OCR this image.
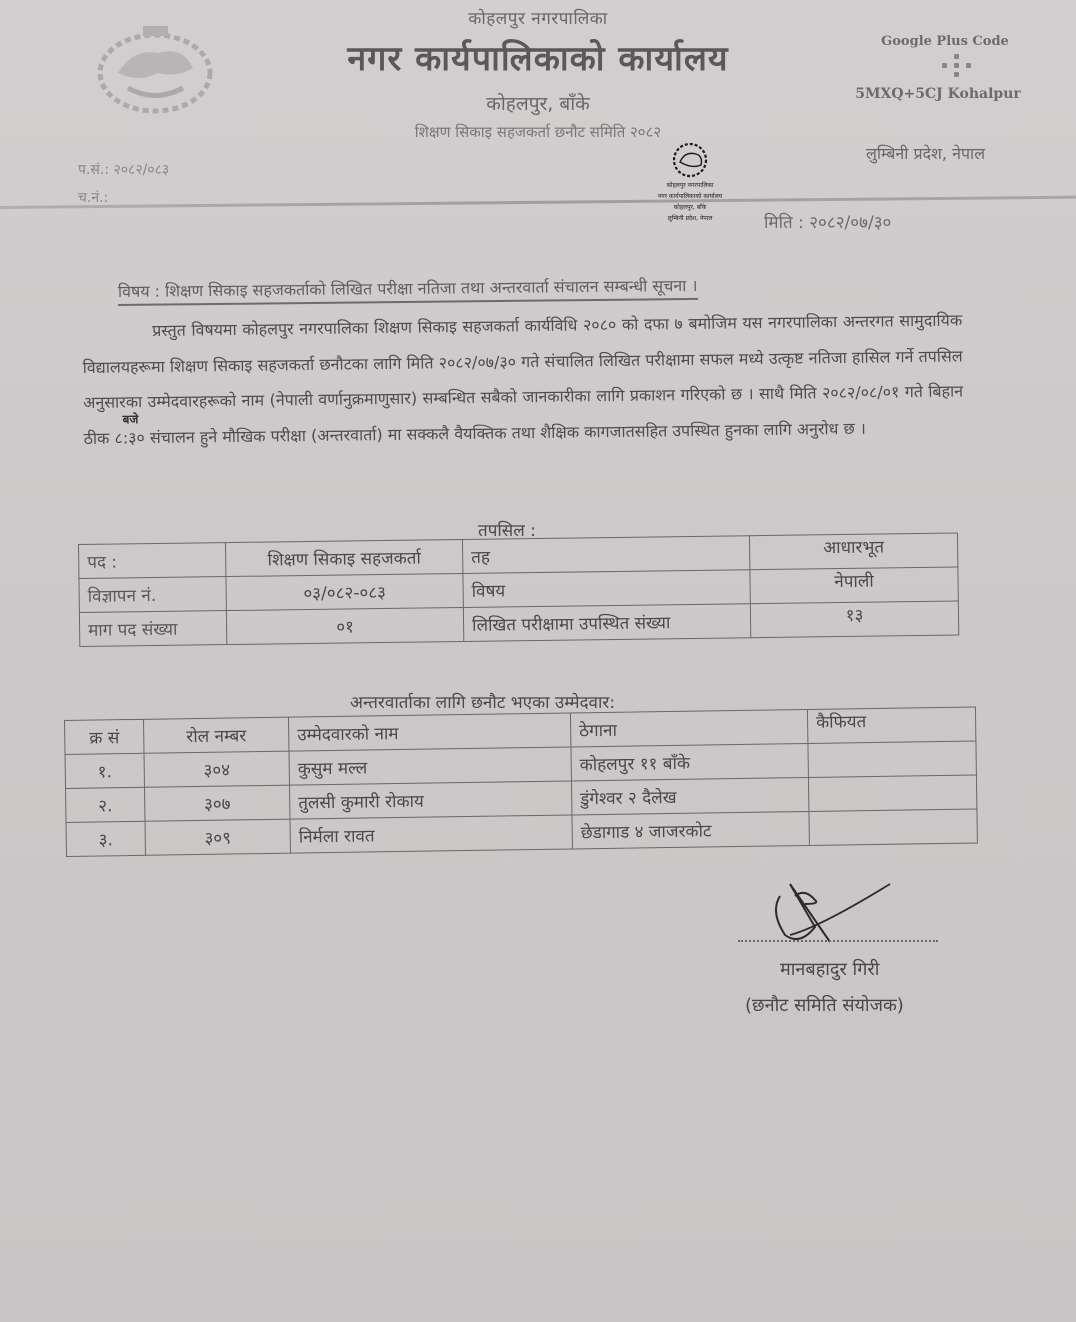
कोहलपुर नगरपालिका
नगर कार्यपालिकाको कार्यालय
कोहलपुर, बाँके
शिक्षण सिकाइ सहजकर्ता छनौट समिति २०८२
Google Plus Code
5MXQ+5CJ Kohalpur
लुम्बिनी प्रदेश, नेपाल
प.सं.: २०८२/०८३
च.नं.:
कोहलपुर नगरपालिका
नगर कार्यपालिकाको कार्यालय
कोहलपुर, बाँके
लुम्बिनी प्रदेश, नेपाल	मिति : २०८२/०७/३०
विषय : शिक्षण सिकाइ सहजकर्ताको लिखित परीक्षा नतिजा तथा अन्तरवार्ता संचालन सम्बन्धी सूचना ।
प्रस्तुत विषयमा कोहलपुर नगरपालिका शिक्षण सिकाइ सहजकर्ता कार्यविधि २०८० को दफा ७ बमोजिम यस नगरपालिका अन्तरगत सामुदायिक विद्यालयहरूमा शिक्षण सिकाइ सहजकर्ता छनौटका लागि मिति २०८२/०७/३० गते संचालित लिखित परीक्षामा सफल मध्ये उत्कृष्ट नतिजा हासिल गर्ने तपसिल अनुसारका उम्मेदवारहरूको नाम (नेपाली वर्णानुक्रमाणुसार) सम्बन्धित सबैको जानकारीका लागि प्रकाशन गरिएको छ । साथै मिति २०८२/०८/०१ गते बिहान ठीक ८:३०
बजे संचालन हुने मौखिक परीक्षा (अन्तरवार्ता) मा सक्कलै वैयक्तिक तथा शैक्षिक कागजातसहित उपस्थित हुनका लागि अनुरोध छ ।
तपसिल :
पद :	शिक्षण सिकाइ सहजकर्ता	तह	आधारभूत
विज्ञापन नं.	०३/०८२-०८३	विषय	नेपाली
माग पद संख्या	०१	लिखित परीक्षामा उपस्थित संख्या	१३
अन्तरवार्ताका लागि छनौट भएका उम्मेदवार:
क्र सं	रोल नम्बर	उम्मेदवारको नाम	ठेगाना	कैफियत
१.	३०४	कुसुम मल्ल	कोहलपुर ११ बाँके	
२.	३०७	तुलसी कुमारी रोकाय	डुंगेश्वर २ दैलेख	
३.	३०९	निर्मला रावत	छेडागाड ४ जाजरकोट	
मानबहादुर गिरी
(छनौट समिति संयोजक)
